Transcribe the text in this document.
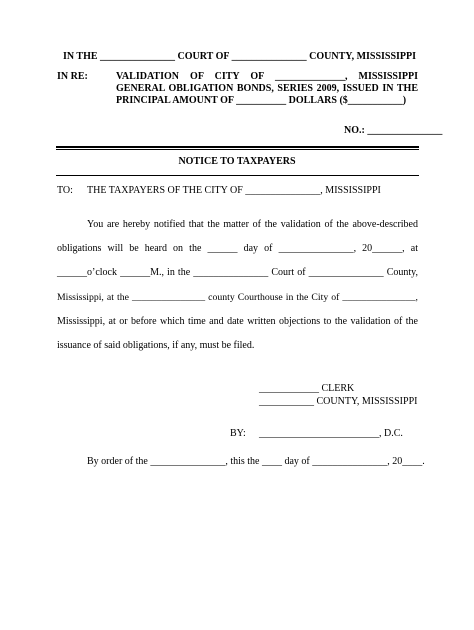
IN THE _______________ COURT OF _______________ COUNTY, MISSISSIPPI
IN RE:	VALIDATION OF CITY OF ______________, MISSISSIPPI
GENERAL OBLIGATION BONDS, SERIES 2009, ISSUED IN THE
PRINCIPAL AMOUNT OF __________ DOLLARS ($___________)
NO.: _______________
NOTICE TO TAXPAYERS
TO: THE TAXPAYERS OF THE CITY OF _______________, MISSISSIPPI
You are hereby notified that the matter of the validation of the above-described
obligations will be heard on the ______ day of _______________, 20______, at
______o’clock ______M., in the _______________ Court of _______________ County,
Mississippi, at the _______________ county Courthouse in the City of _______________,
Mississippi, at or before which time and date written objections to the validation of the
issuance of said obligations, if any, must be filed.
By order of the _______________, this the ____ day of _______________, 20____.
____________ CLERK
___________ COUNTY, MISSISSIPPI
BY: ________________________, D.C.
